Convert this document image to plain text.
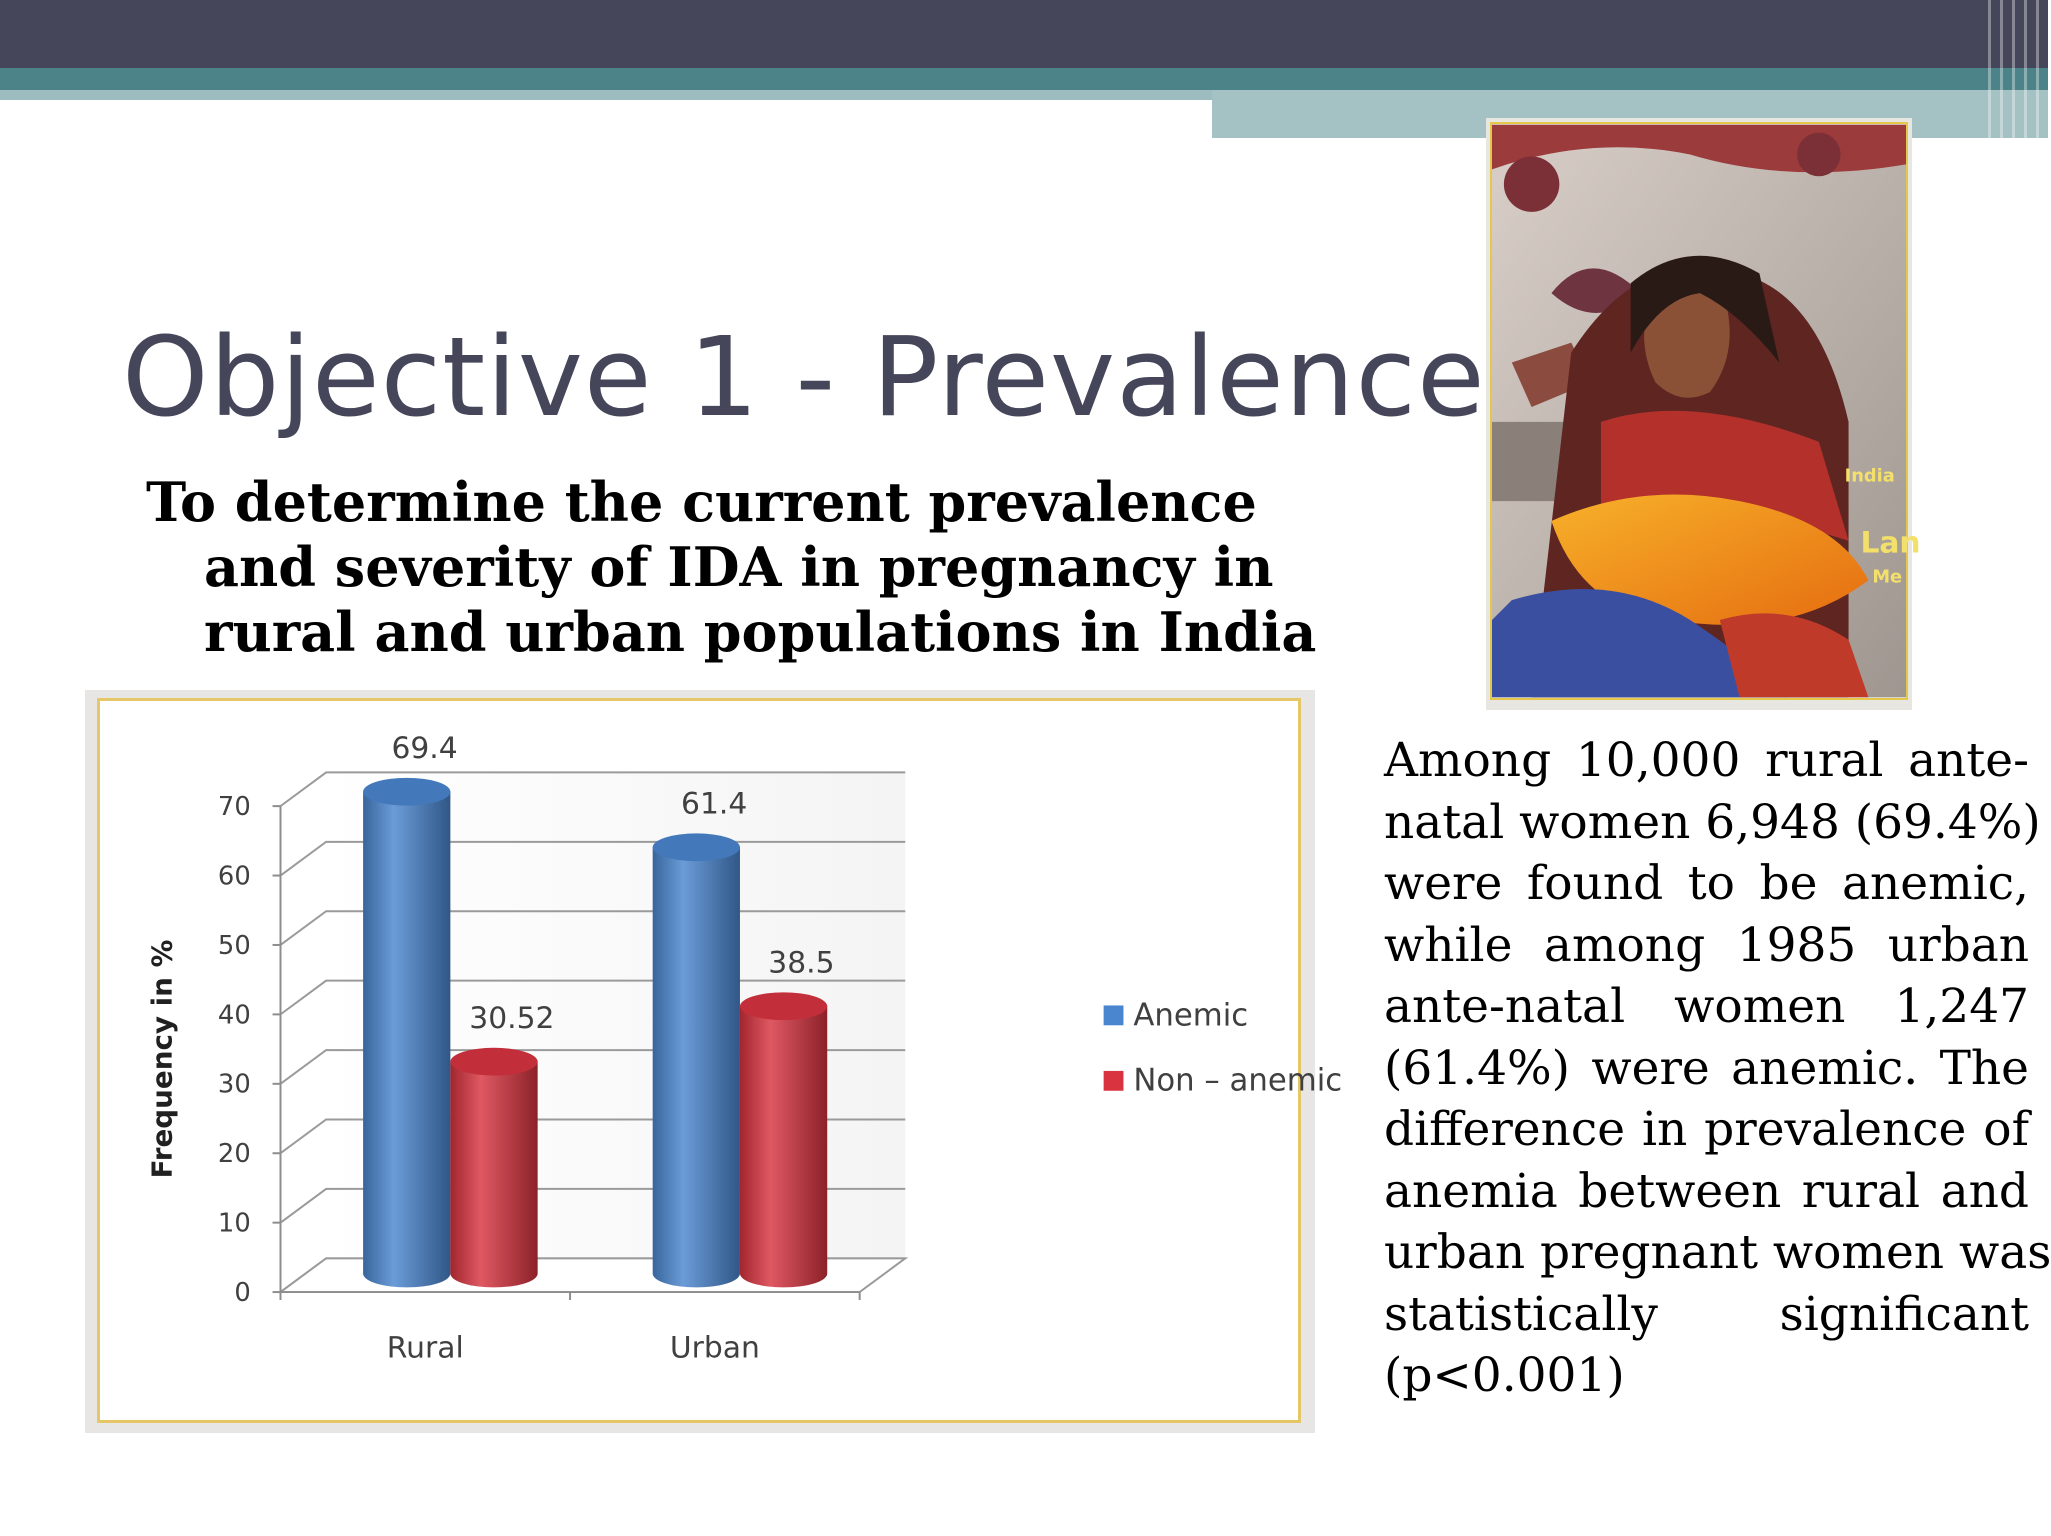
Objective 1 - Prevalence

To determine the current prevalence
and severity of IDA in pregnancy in
rural and urban populations in India

India
Lan
Me
0
10
20
30
40
50
60
70
Frequency in %
Rural	Urban
69.4
30.52
61.4
38.5
Anemic
Non – anemic

Among 10,000 rural ante-
natal women 6,948 (69.4%)
were found to be anemic,
while among 1985 urban
ante-natal women 1,247
(61.4%) were anemic. The
difference in prevalence of
anemia between rural and
urban pregnant women was
statistically significant
(p<0.001)
